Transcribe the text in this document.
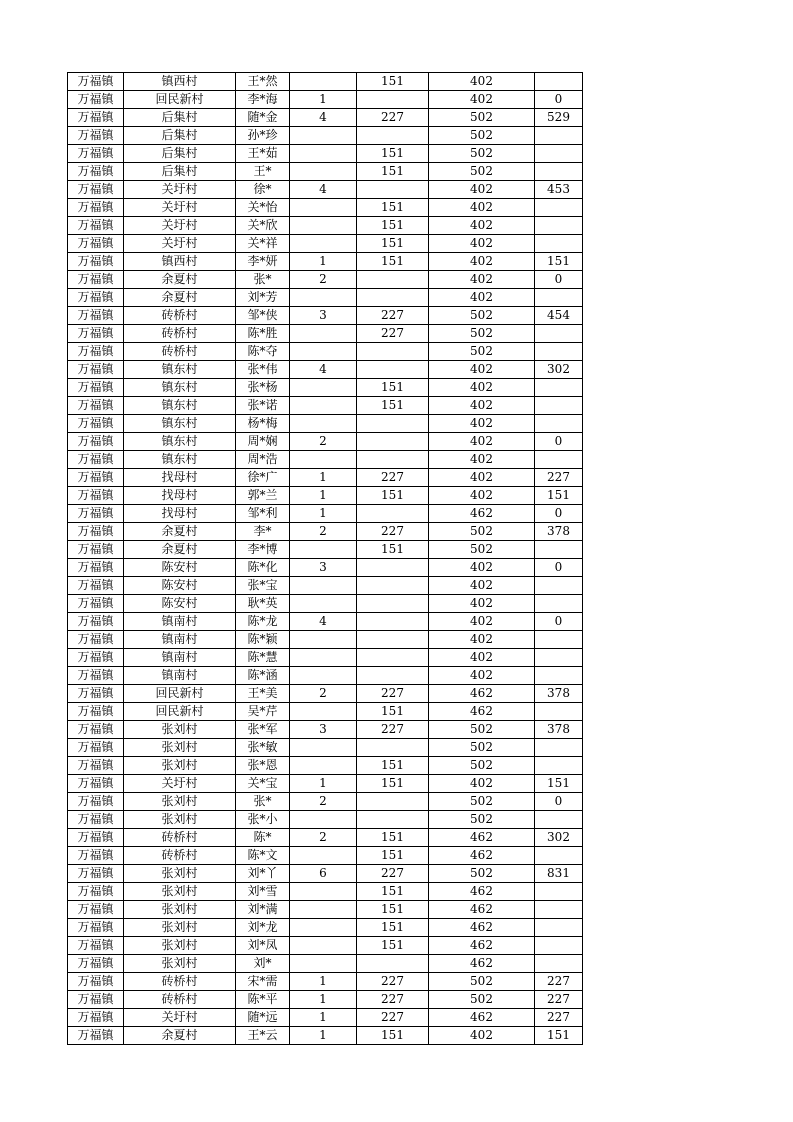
万福镇	镇西村	王*然		151	402	
万福镇	回民新村	李*海	1		402	0
万福镇	后集村	随*金	4	227	502	529
万福镇	后集村	孙*珍			502	
万福镇	后集村	王*茹		151	502	
万福镇	后集村	王*		151	502	
万福镇	关圩村	徐*	4		402	453
万福镇	关圩村	关*怡		151	402	
万福镇	关圩村	关*欣		151	402	
万福镇	关圩村	关*祥		151	402	
万福镇	镇西村	李*妍	1	151	402	151
万福镇	余夏村	张*	2		402	0
万福镇	余夏村	刘*芳			402	
万福镇	砖桥村	邹*侠	3	227	502	454
万福镇	砖桥村	陈*胜		227	502	
万福镇	砖桥村	陈*夺			502	
万福镇	镇东村	张*伟	4		402	302
万福镇	镇东村	张*杨		151	402	
万福镇	镇东村	张*诺		151	402	
万福镇	镇东村	杨*梅			402	
万福镇	镇东村	周*娴	2		402	0
万福镇	镇东村	周*浩			402	
万福镇	找母村	徐*广	1	227	402	227
万福镇	找母村	郭*兰	1	151	402	151
万福镇	找母村	邹*利	1		462	0
万福镇	余夏村	李*	2	227	502	378
万福镇	余夏村	李*博		151	502	
万福镇	陈安村	陈*化	3		402	0
万福镇	陈安村	张*宝			402	
万福镇	陈安村	耿*英			402	
万福镇	镇南村	陈*龙	4		402	0
万福镇	镇南村	陈*颖			402	
万福镇	镇南村	陈*慧			402	
万福镇	镇南村	陈*涵			402	
万福镇	回民新村	王*美	2	227	462	378
万福镇	回民新村	吴*芹		151	462	
万福镇	张刘村	张*军	3	227	502	378
万福镇	张刘村	张*敏			502	
万福镇	张刘村	张*恩		151	502	
万福镇	关圩村	关*宝	1	151	402	151
万福镇	张刘村	张*	2		502	0
万福镇	张刘村	张*小			502	
万福镇	砖桥村	陈*	2	151	462	302
万福镇	砖桥村	陈*文		151	462	
万福镇	张刘村	刘*丫	6	227	502	831
万福镇	张刘村	刘*雪		151	462	
万福镇	张刘村	刘*满		151	462	
万福镇	张刘村	刘*龙		151	462	
万福镇	张刘村	刘*凤		151	462	
万福镇	张刘村	刘*			462	
万福镇	砖桥村	宋*需	1	227	502	227
万福镇	砖桥村	陈*平	1	227	502	227
万福镇	关圩村	随*远	1	227	462	227
万福镇	余夏村	王*云	1	151	402	151
